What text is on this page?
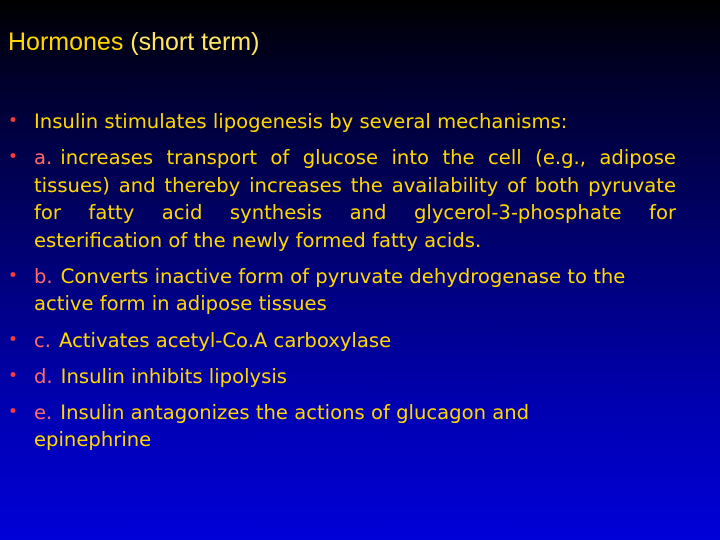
Hormones (short term)
• Insulin stimulates lipogenesis by several mechanisms:
• a. increases transport of glucose into the cell (e.g., adipose tissues) and thereby increases the availability of both pyruvate for fatty acid synthesis and glycerol-3-phosphate for esterification of the newly formed fatty acids.
• b. Converts inactive form of pyruvate dehydrogenase to the active form in adipose tissues
• c. Activates acetyl-Co.A carboxylase
• d. Insulin inhibits lipolysis
• e. Insulin antagonizes the actions of glucagon and
epinephrine
